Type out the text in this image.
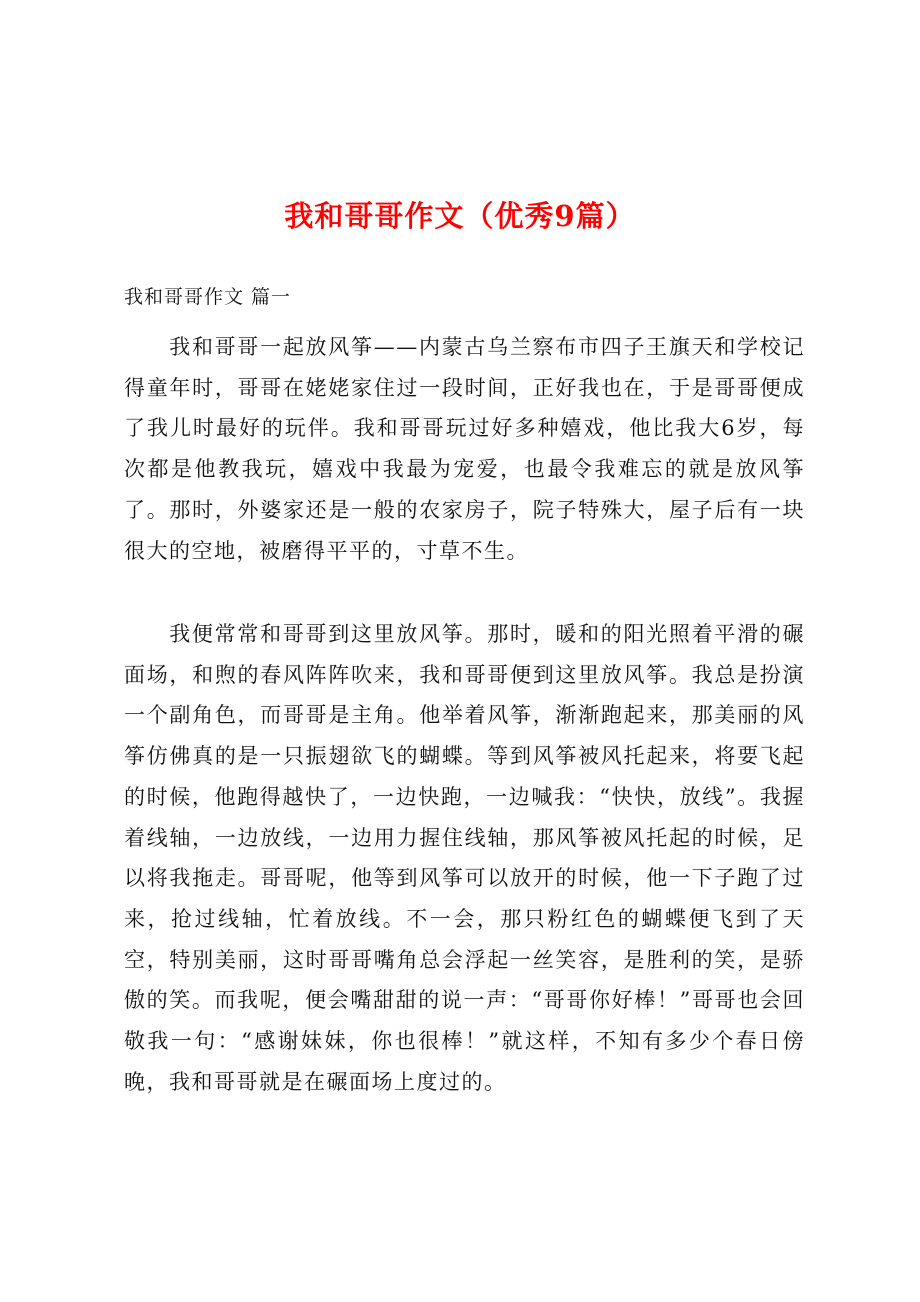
我和哥哥作文（优秀9篇）
我和哥哥作文 篇一

我和哥哥一起放风筝——内蒙古乌兰察布市四子王旗天和学校记得童年时，哥哥在姥姥家住过一段时间，正好我也在，于是哥哥便成了我儿时最好的玩伴。我和哥哥玩过好多种嬉戏，他比我大6岁，每次都是他教我玩，嬉戏中我最为宠爱，也最令我难忘的就是放风筝了。那时，外婆家还是一般的农家房子，院子特殊大，屋子后有一块很大的空地，被磨得平平的，寸草不生。

我便常常和哥哥到这里放风筝。那时，暖和的阳光照着平滑的碾面场，和煦的春风阵阵吹来，我和哥哥便到这里放风筝。我总是扮演一个副角色，而哥哥是主角。他举着风筝，渐渐跑起来，那美丽的风筝仿佛真的是一只振翅欲飞的蝴蝶。等到风筝被风托起来，将要飞起的时候，他跑得越快了，一边快跑，一边喊我：“快快，放线”。我握着线轴，一边放线，一边用力握住线轴，那风筝被风托起的时候，足以将我拖走。哥哥呢，他等到风筝可以放开的时候，他一下子跑了过来，抢过线轴，忙着放线。不一会，那只粉红色的蝴蝶便飞到了天空，特别美丽，这时哥哥嘴角总会浮起一丝笑容，是胜利的笑，是骄傲的笑。而我呢，便会嘴甜甜的说一声：“哥哥你好棒！”哥哥也会回敬我一句：“感谢妹妹，你也很棒！”就这样，不知有多少个春日傍晚，我和哥哥就是在碾面场上度过的。
